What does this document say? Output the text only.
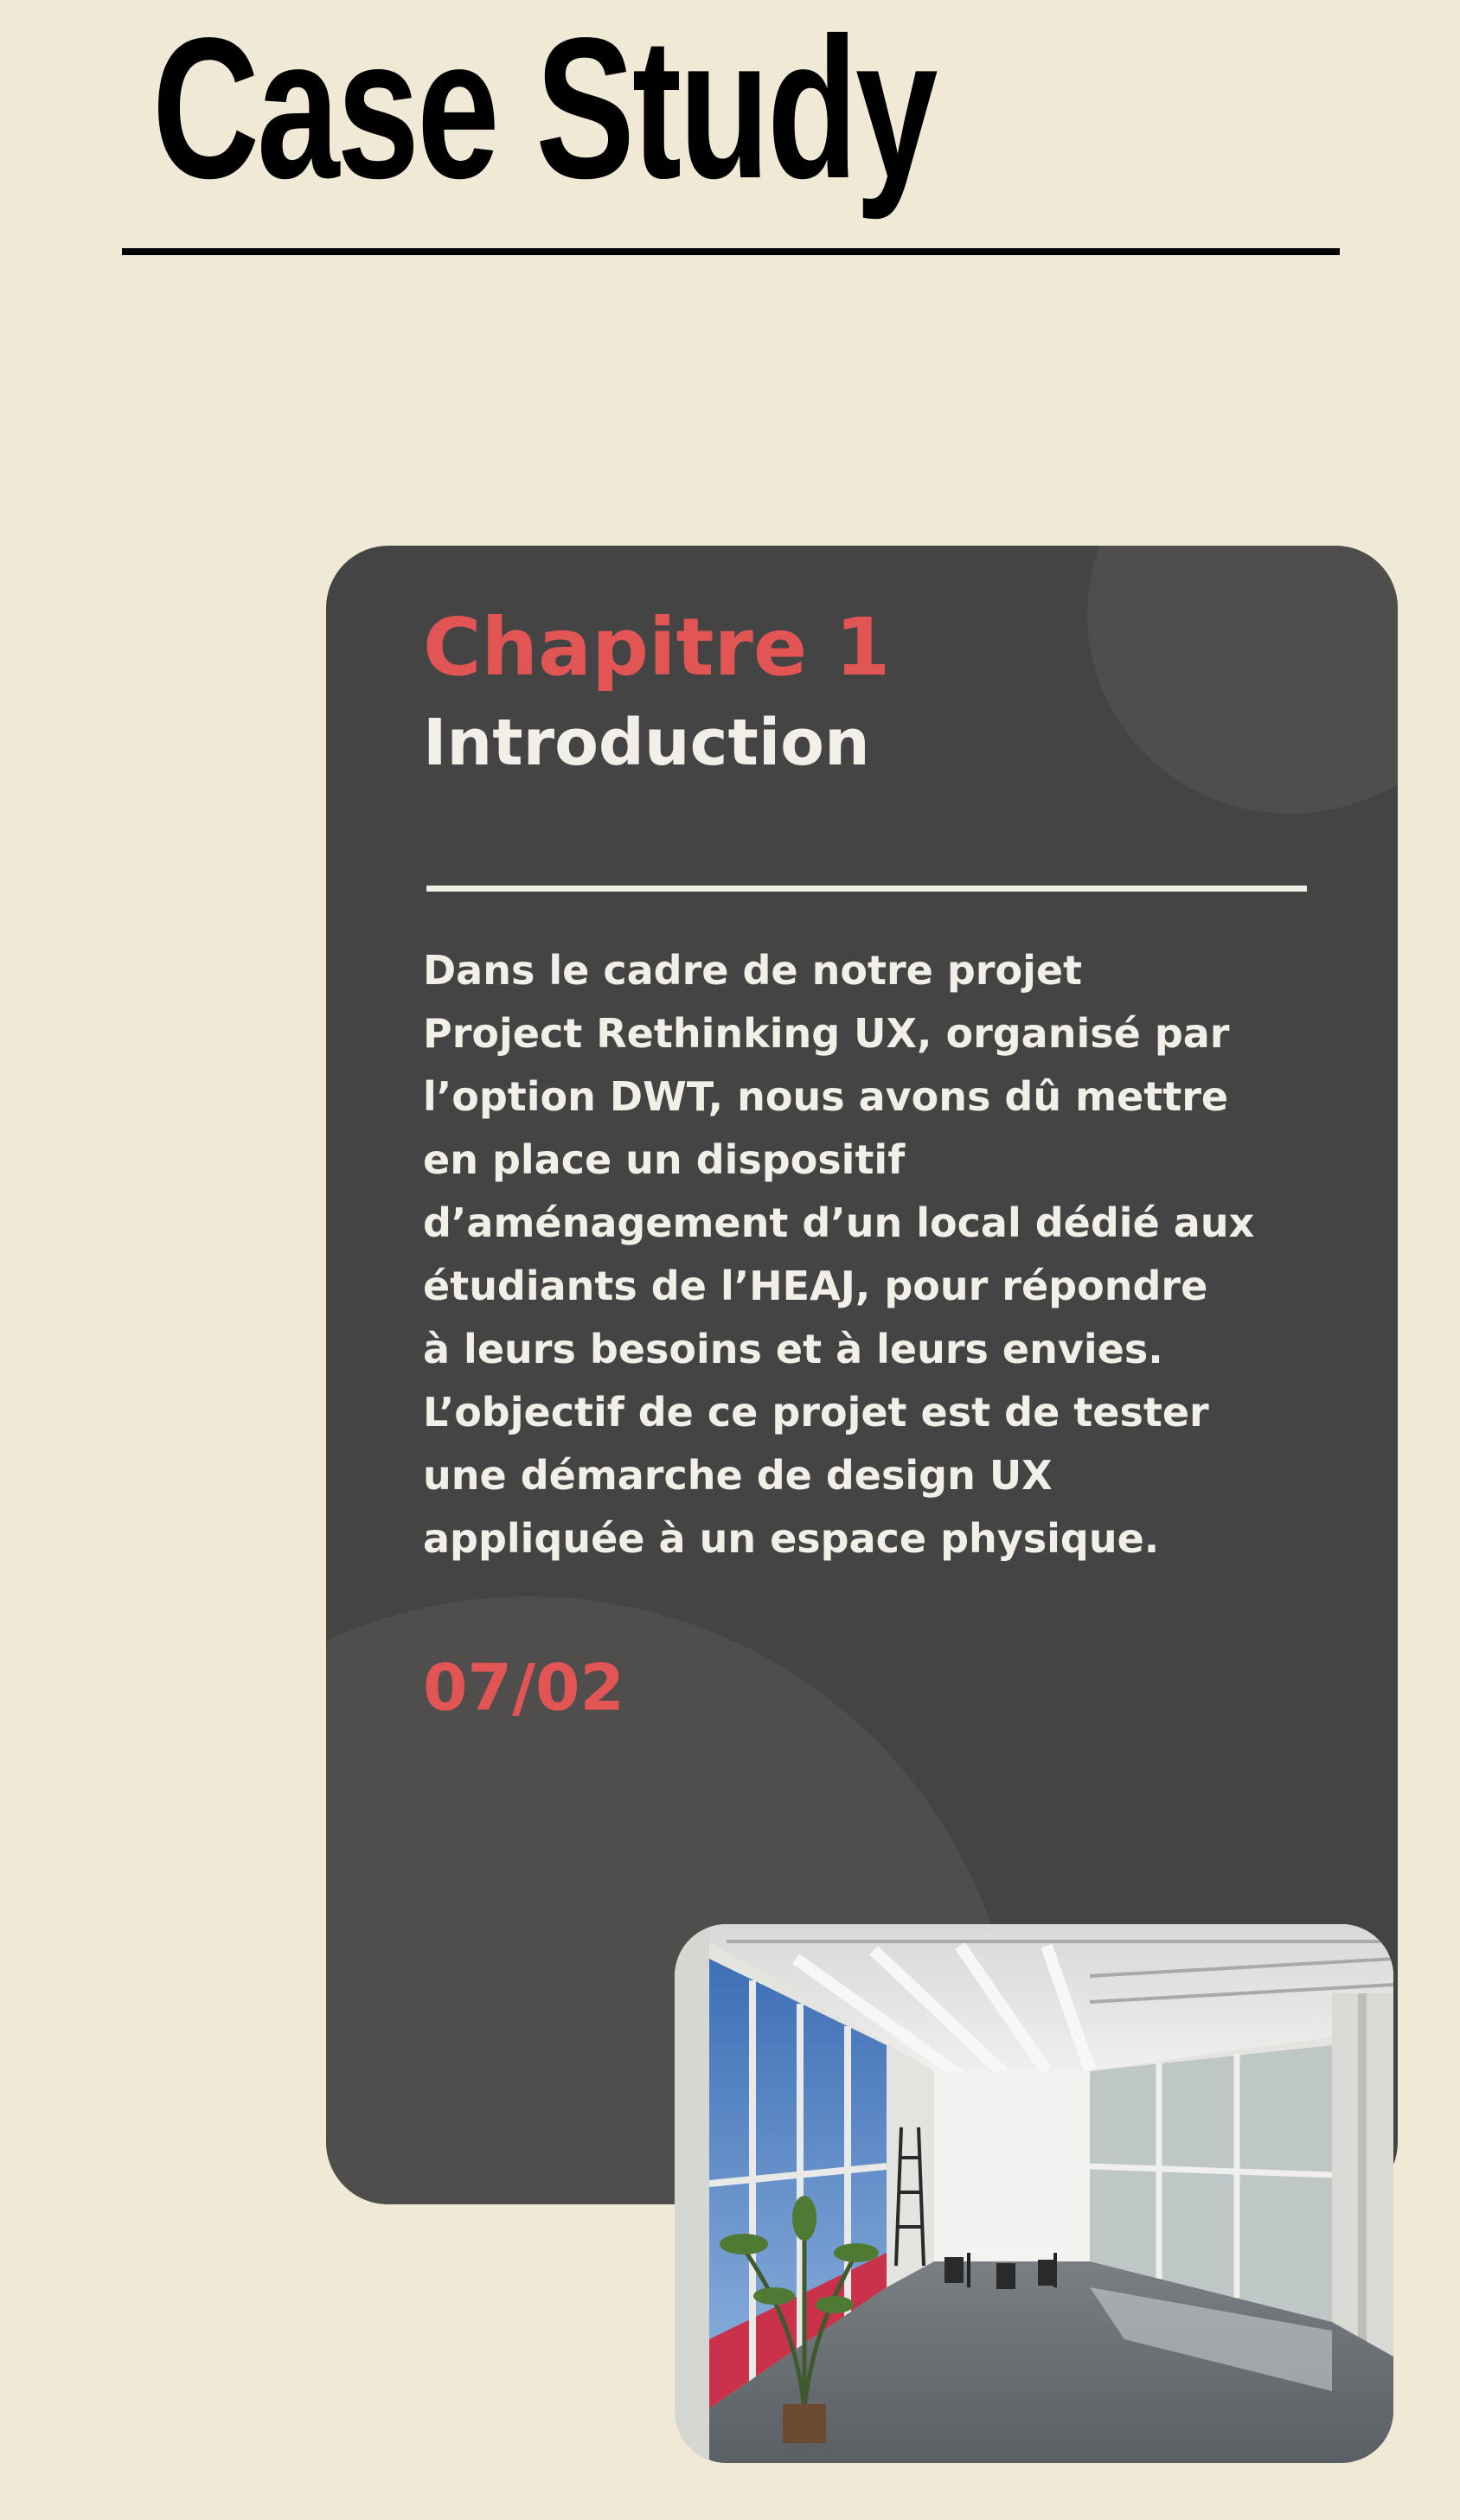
Case Study
Chapitre 1
Introduction

Dans le cadre de notre projet
Project Rethinking UX, organisé par
l’option DWT, nous avons dû mettre
en place un dispositif
d’aménagement d’un local dédié aux
étudiants de l’HEAJ, pour répondre
à leurs besoins et à leurs envies.
L’objectif de ce projet est de tester
une démarche de design UX
appliquée à un espace physique.

07/02
